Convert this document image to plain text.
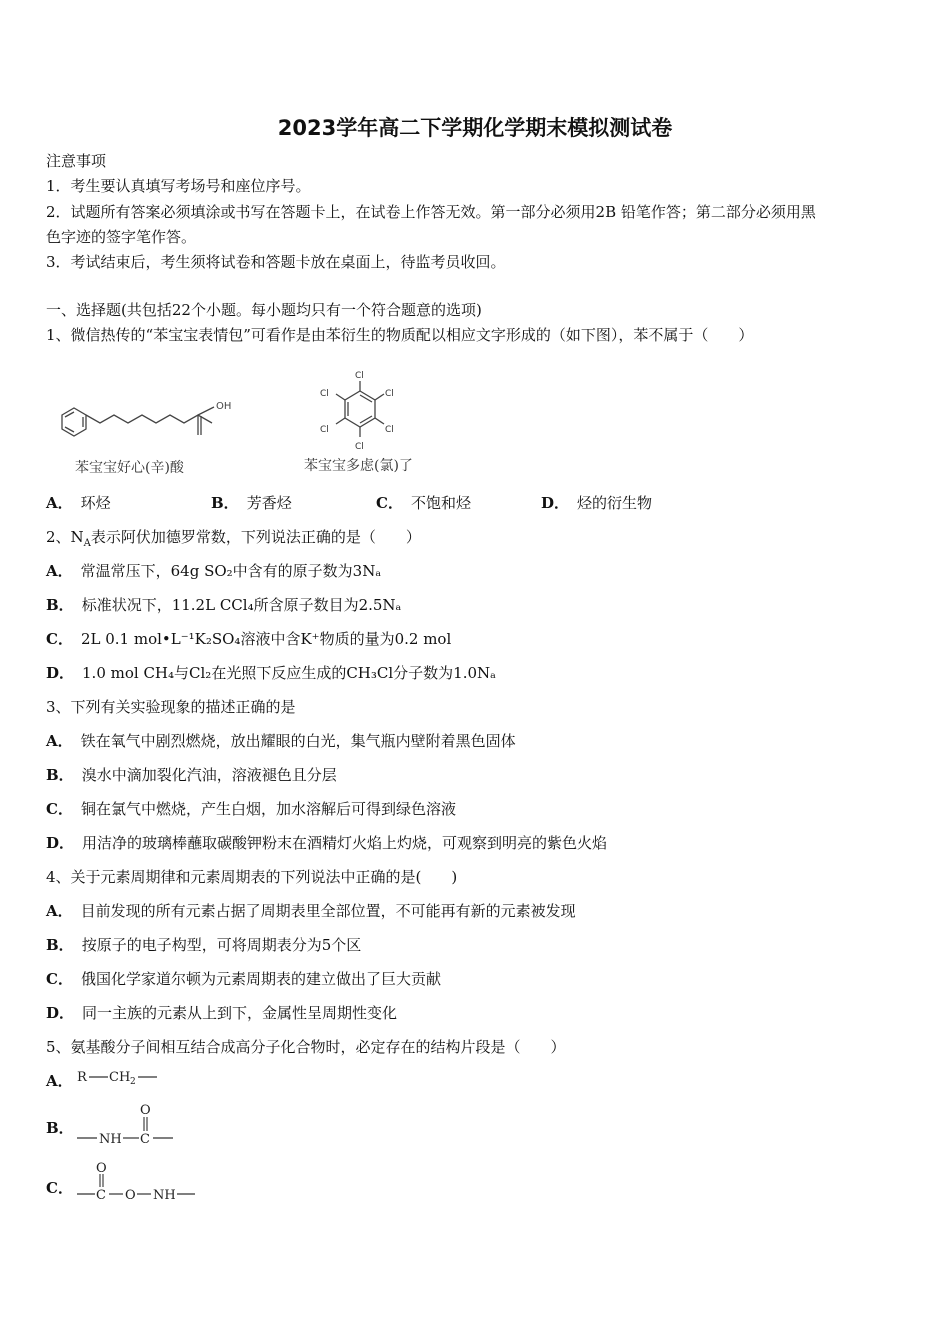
2023学年高二下学期化学期末模拟测试卷
注意事项
1．考生要认真填写考场号和座位序号。
2．试题所有答案必须填涂或书写在答题卡上，在试卷上作答无效。第一部分必须用2B 铅笔作答；第二部分必须用黑
色字迹的签字笔作答。
3．考试结束后，考生须将试卷和答题卡放在桌面上，待监考员收回。
一、选择题(共包括22个小题。每小题均只有一个符合题意的选项)
1、微信热传的“苯宝宝表情包”可看作是由苯衍生的物质配以相应文字形成的（如下图），苯不属于（　　）
OH
苯宝宝好心(辛)酸
Cl
Cl
Cl
Cl
Cl
Cl
苯宝宝多虑(氯)了
A． 环烃	B． 芳香烃	C． 不饱和烃	D． 烃的衍生物
2、$N_A$表示阿伏加德罗常数，下列说法正确的是（　　）
A． 常温常压下，64g SO₂中含有的原子数为3Nₐ
B． 标准状况下，11.2L CCl₄所含原子数目为2.5Nₐ
C． 2L 0.1 mol•L⁻¹K₂SO₄溶液中含K⁺物质的量为0.2 mol
D． 1.0 mol CH₄与Cl₂在光照下反应生成的CH₃Cl分子数为1.0Nₐ
3、下列有关实验现象的描述正确的是
A． 铁在氧气中剧烈燃烧，放出耀眼的白光，集气瓶内壁附着黑色固体
B． 溴水中滴加裂化汽油，溶液褪色且分层
C． 铜在氯气中燃烧，产生白烟，加水溶解后可得到绿色溶液
D． 用洁净的玻璃棒蘸取碳酸钾粉末在酒精灯火焰上灼烧，可观察到明亮的紫色火焰
4、关于元素周期律和元素周期表的下列说法中正确的是(　　)
A． 目前发现的所有元素占据了周期表里全部位置，不可能再有新的元素被发现
B． 按原子的电子构型，可将周期表分为5个区
C． 俄国化学家道尔顿为元素周期表的建立做出了巨大贡献
D． 同一主族的元素从上到下，金属性呈周期性变化
5、氨基酸分子间相互结合成高分子化合物时，必定存在的结构片段是（　　）
A． R CH 2
B．
NH C
O
C． C
O
O NH
